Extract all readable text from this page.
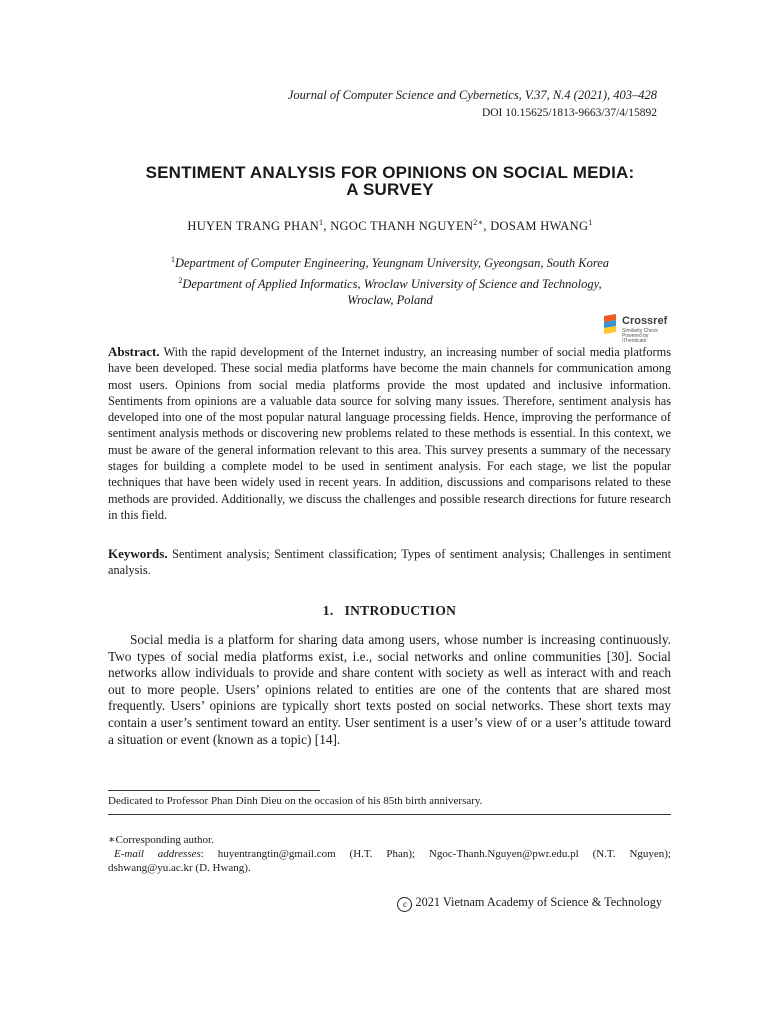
Journal of Computer Science and Cybernetics, V.37, N.4 (2021), 403–428
DOI 10.15625/1813-9663/37/4/15892
SENTIMENT ANALYSIS FOR OPINIONS ON SOCIAL MEDIA:
A SURVEY
HUYEN TRANG PHAN$^1$, NGOC THANH $NGUYEN^{2∗}$, DOSAM HWANG$^1$
$^1$Department of Computer Engineering, Yeungnam University, Gyeongsan, South Korea
$^2$Department of Applied Informatics, Wroclaw University of Science and Technology,
Wroclaw, Poland
Crossref
Similarity Check
Powered by iThenticate
Abstract. With the rapid development of the Internet industry, an increasing number of social media platforms have been developed. These social media platforms have become the main channels for communication among most users. Opinions from social media platforms provide the most updated and inclusive information. Sentiments from opinions are a valuable data source for solving many issues. Therefore, sentiment analysis has developed into one of the most popular natural language processing fields. Hence, improving the performance of sentiment analysis methods or discovering new problems related to these methods is essential. In this context, we must be aware of the general information relevant to this area. This survey presents a summary of the necessary stages for building a complete model to be used in sentiment analysis. For each stage, we list the popular techniques that have been widely used in recent years. In addition, discussions and comparisons related to these methods are provided. Additionally, we discuss the challenges and possible research directions for future research in this field.
Keywords. Sentiment analysis; Sentiment classification; Types of sentiment analysis; Challenges in sentiment analysis.
1. INTRODUCTION
Social media is a platform for sharing data among users, whose number is increasing continuously. Two types of social media platforms exist, i.e., social networks and online communities [30]. Social networks allow individuals to provide and share content with society as well as interact with and reach out to more people. Users’ opinions related to entities are one of the contents that are shared most frequently. Users’ opinions are typically short texts posted on social networks. These short texts may contain a user’s sentiment toward an entity. User sentiment is a user’s view of or a user’s attitude toward a situation or event (known as a topic) [14].
Dedicated to Professor Phan Dinh Dieu on the occasion of his 85th birth anniversary.
∗Corresponding author.
E-mail addresses: huyentrangtin@gmail.com (H.T. Phan); Ngoc-Thanh.Nguyen@pwr.edu.pl (N.T. Nguyen); dshwang@yu.ac.kr (D. Hwang).
c 2021 Vietnam Academy of Science & Technology
